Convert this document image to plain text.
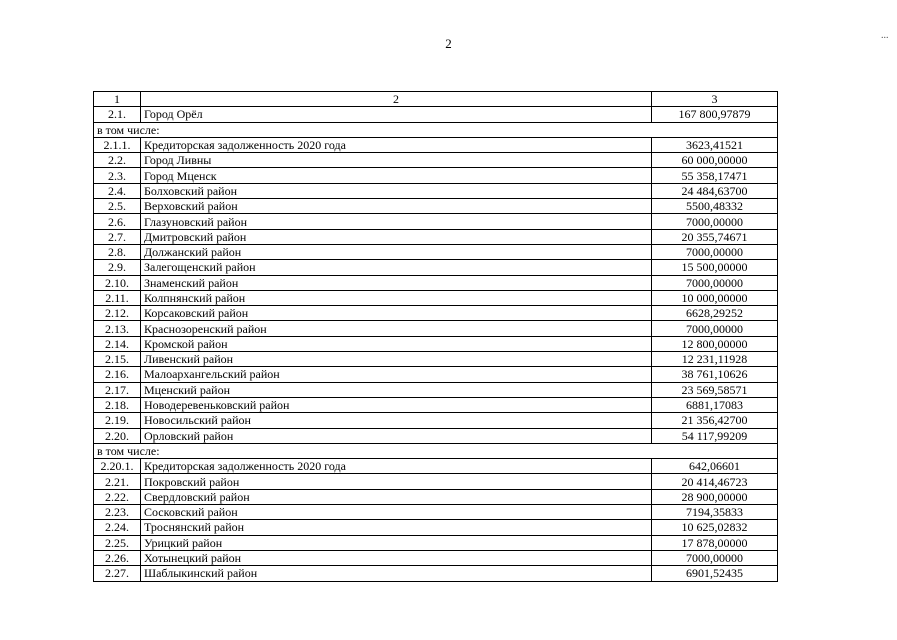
2
...
1	2	3
2.1.	Город Орёл	167 800,97879
в том числе:		
2.1.1.	Кредиторская задолженность 2020 года	3623,41521
2.2.	Город Ливны	60 000,00000
2.3.	Город Мценск	55 358,17471
2.4.	Болховский район	24 484,63700
2.5.	Верховский район	5500,48332
2.6.	Глазуновский район	7000,00000
2.7.	Дмитровский район	20 355,74671
2.8.	Должанский район	7000,00000
2.9.	Залегощенский район	15 500,00000
2.10.	Знаменский район	7000,00000
2.11.	Колпнянский район	10 000,00000
2.12.	Корсаковский район	6628,29252
2.13.	Краснозоренский район	7000,00000
2.14.	Кромской район	12 800,00000
2.15.	Ливенский район	12 231,11928
2.16.	Малоархангельский район	38 761,10626
2.17.	Мценский район	23 569,58571
2.18.	Новодеревеньковский район	6881,17083
2.19.	Новосильский район	21 356,42700
2.20.	Орловский район	54 117,99209
в том числе:		
2.20.1.	Кредиторская задолженность 2020 года	642,06601
2.21.	Покровский район	20 414,46723
2.22.	Свердловский район	28 900,00000
2.23.	Сосковский район	7194,35833
2.24.	Троснянский район	10 625,02832
2.25.	Урицкий район	17 878,00000
2.26.	Хотынецкий район	7000,00000
2.27.	Шаблыкинский район	6901,52435
